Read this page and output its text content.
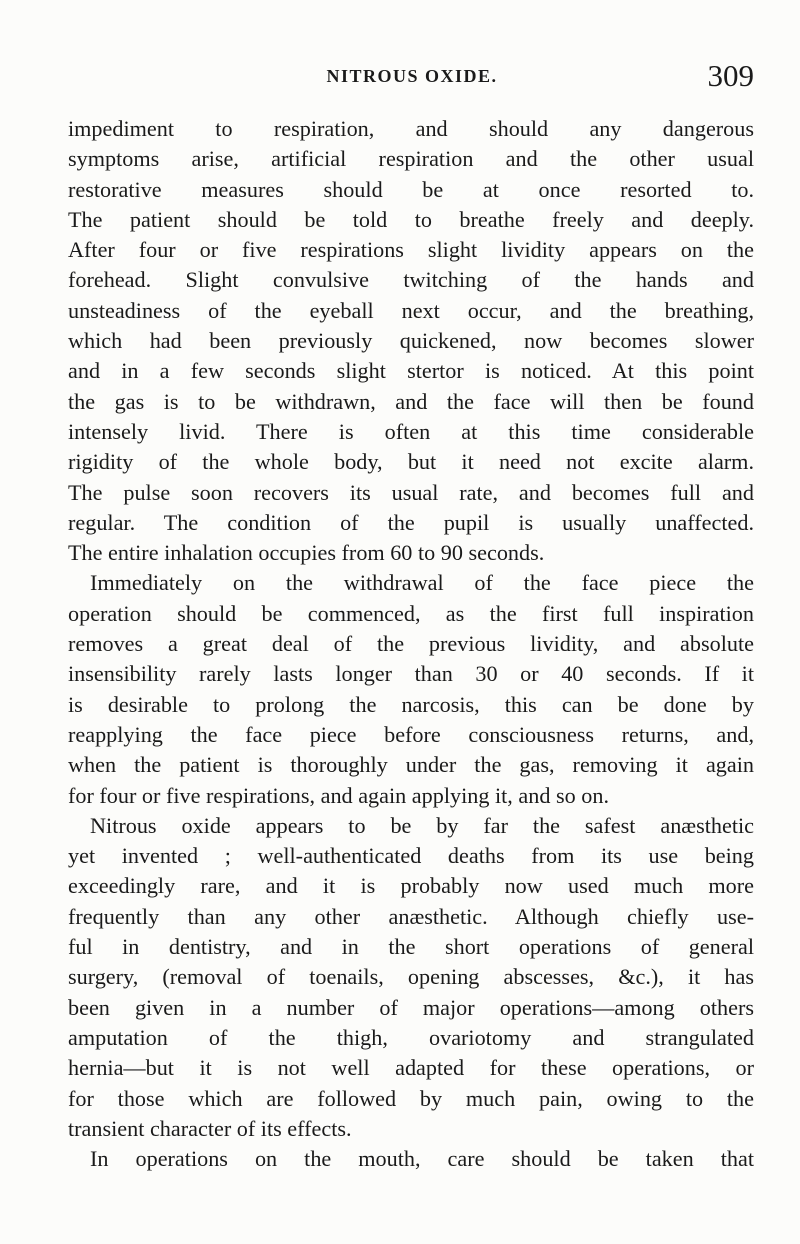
NITROUS OXIDE.	309
impediment to respiration, and should any dangerous
symptoms arise, artificial respiration and the other usual
restorative measures should be at once resorted to.
The patient should be told to breathe freely and deeply.
After four or five respirations slight lividity appears on the
forehead. Slight convulsive twitching of the hands and
unsteadiness of the eyeball next occur, and the breathing,
which had been previously quickened, now becomes slower
and in a few seconds slight stertor is noticed. At this point
the gas is to be withdrawn, and the face will then be found
intensely livid. There is often at this time considerable
rigidity of the whole body, but it need not excite alarm.
The pulse soon recovers its usual rate, and becomes full and
regular. The condition of the pupil is usually unaffected.
The entire inhalation occupies from 60 to 90 seconds.
Immediately on the withdrawal of the face piece the
operation should be commenced, as the first full inspiration
removes a great deal of the previous lividity, and absolute
insensibility rarely lasts longer than 30 or 40 seconds. If it
is desirable to prolong the narcosis, this can be done by
reapplying the face piece before consciousness returns, and,
when the patient is thoroughly under the gas, removing it again
for four or five respirations, and again applying it, and so on.
Nitrous oxide appears to be by far the safest anæsthetic
yet invented ; well-authenticated deaths from its use being
exceedingly rare, and it is probably now used much more
frequently than any other anæsthetic. Although chiefly use-
ful in dentistry, and in the short operations of general
surgery, (removal of toenails, opening abscesses, &c.), it has
been given in a number of major operations—among others
amputation of the thigh, ovariotomy and strangulated
hernia—but it is not well adapted for these operations, or
for those which are followed by much pain, owing to the
transient character of its effects.
In operations on the mouth, care should be taken that
